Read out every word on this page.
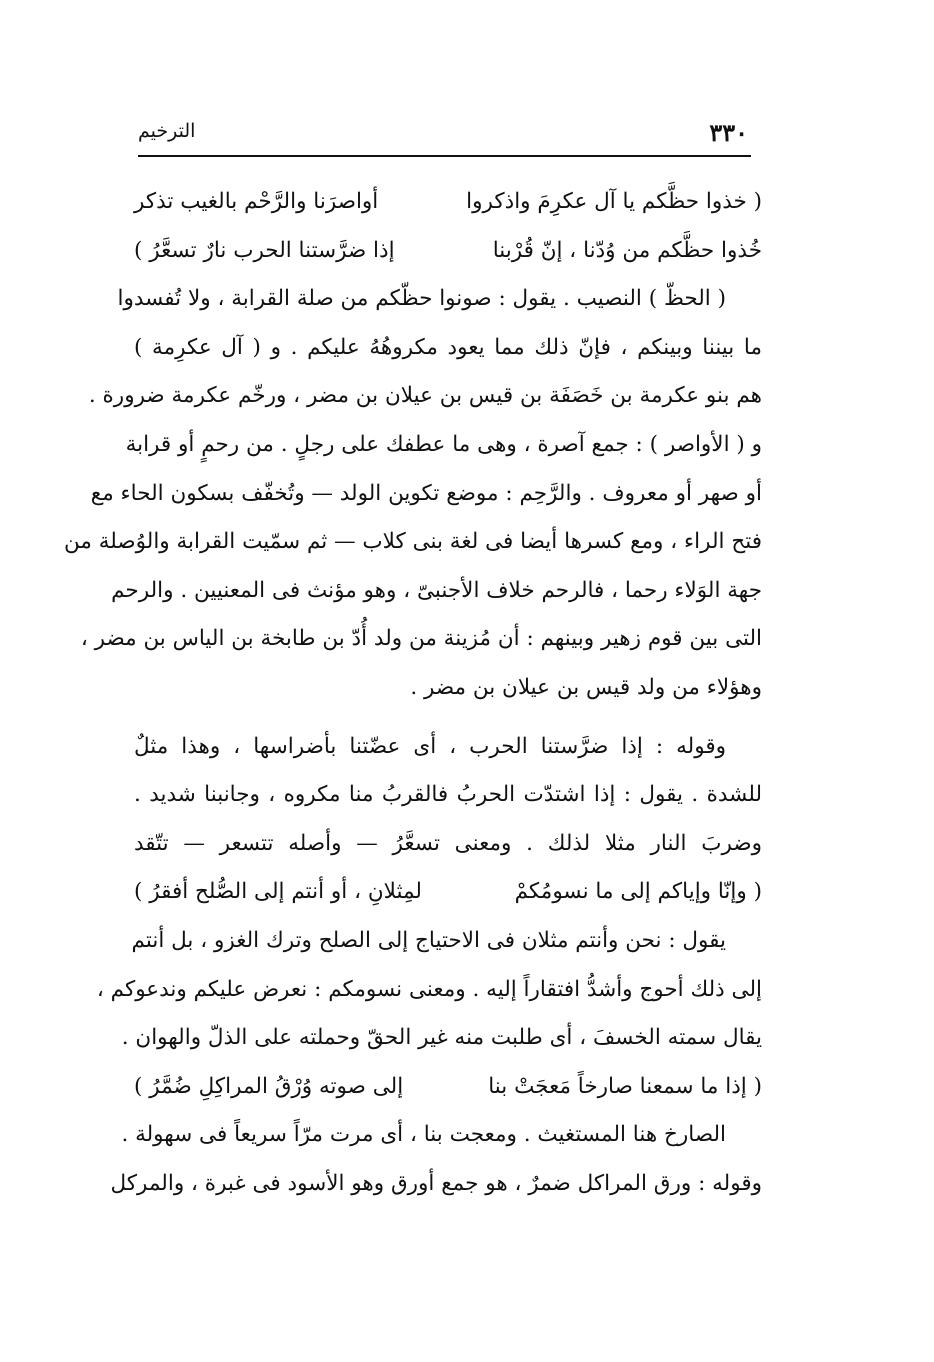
٣٣٠
الترخيم
( خذوا حظَّكم يا آل عكرِمَ واذكروا
أواصرَنا والرَّحْم بالغيب تذكر
خُذوا حظَّكم من وُدّنا ، إنّ قُرْبنا
إذا ضرَّستنا الحرب نارٌ تسعَّرُ )
( الحظّ ) النصيب . يقول : صونوا حظّكم من صلة القرابة ، ولا تُفسدوا
ما بيننا وبينكم ، فإنّ ذلك مما يعود مكروهُهُ عليكم . و ( آل عكرِمة )
هم بنو عكرمة بن خَصَفَة بن قيس بن عيلان بن مضر ، ورخّم عكرمة ضرورة .
و ( الأواصر ) : جمع آصرة ، وهى ما عطفك على رجلٍ . من رحمٍ أو قرابة
أو صهر أو معروف . والرَّحِم : موضع تكوين الولد — وتُخفّف بسكون الحاء مع
فتح الراء ، ومع كسرها أيضا فى لغة بنى كلاب — ثم سمّيت القرابة والوُصلة من
جهة الوَلاء رحما ، فالرحم خلاف الأجنبىّ ، وهو مؤنث فى المعنيين . والرحم
التى بين قوم زهير وبينهم : أن مُزينة من ولد أُدّ بن طابخة بن الياس بن مضر ،
وهؤلاء من ولد قيس بن عيلان بن مضر .
وقوله : إذا ضرَّستنا الحرب ، أى عضّتنا بأضراسها ، وهذا مثلٌ
للشدة . يقول : إذا اشتدّت الحربُ فالقربُ منا مكروه ، وجانبنا شديد .
وضربَ النار مثلا لذلك . ومعنى تسعَّرُ — وأصله تتسعر — تتّقد
( وإنّا وإياكم إلى ما نسومُكمْ
لمِثلانِ ، أو أنتم إلى الصُّلح أفقرُ )
يقول : نحن وأنتم مثلان فى الاحتياج إلى الصلح وترك الغزو ، بل أنتم
إلى ذلك أحوج وأشدُّ افتقاراً إليه . ومعنى نسومكم : نعرض عليكم وندعوكم ،
يقال سمته الخسفَ ، أى طلبت منه غير الحقّ وحملته على الذلّ والهوان .
( إذا ما سمعنا صارخاً مَعجَتْ بنا
إلى صوته وُرْقُ المراكِلِ ضُمَّرُ )
الصارخ هنا المستغيث . ومعجت بنا ، أى مرت مرّاً سريعاً فى سهولة .
وقوله : ورق المراكل ضمرٌ ، هو جمع أورق وهو الأسود فى غبرة ، والمركل
